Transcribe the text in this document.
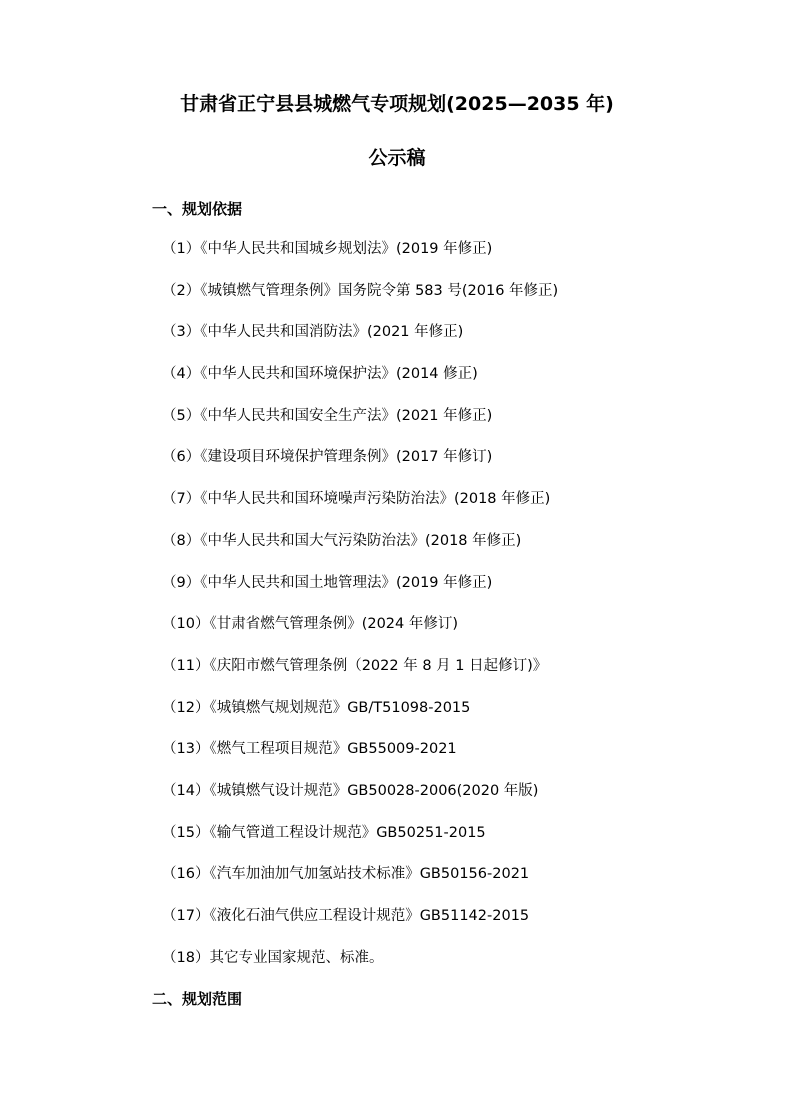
甘肃省正宁县县城燃气专项规划(2025—2035 年)
公示稿
一、规划依据
（1）《中华人民共和国城乡规划法》(2019 年修正)
（2）《城镇燃气管理条例》国务院令第 583 号(2016 年修正)
（3）《中华人民共和国消防法》(2021 年修正)
（4）《中华人民共和国环境保护法》(2014 修正)
（5）《中华人民共和国安全生产法》(2021 年修正)
（6）《建设项目环境保护管理条例》(2017 年修订)
（7）《中华人民共和国环境噪声污染防治法》(2018 年修正)
（8）《中华人民共和国大气污染防治法》(2018 年修正)
（9）《中华人民共和国土地管理法》(2019 年修正)
（10）《甘肃省燃气管理条例》(2024 年修订)
（11）《庆阳市燃气管理条例（2022 年 8 月 1 日起修订)》
（12）《城镇燃气规划规范》GB/T51098-2015
（13）《燃气工程项目规范》GB55009-2021
（14）《城镇燃气设计规范》GB50028-2006(2020 年版)
（15）《输气管道工程设计规范》GB50251-2015
（16）《汽车加油加气加氢站技术标准》GB50156-2021
（17）《液化石油气供应工程设计规范》GB51142-2015
（18）其它专业国家规范、标准。
二、规划范围
